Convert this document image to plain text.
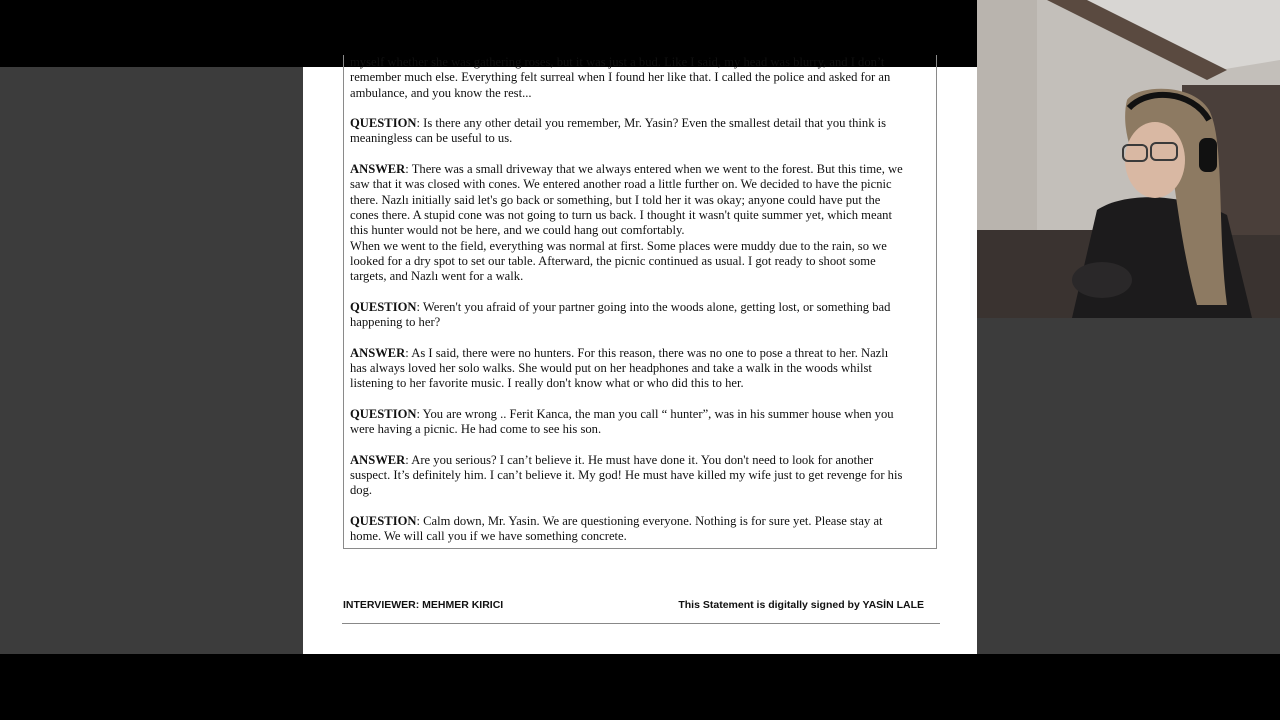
myself whether she was gathering roses, but it was just a bud. Like I said, my head was blurry, and I don’t
remember much else. Everything felt surreal when I found her like that. I called the police and asked for an
ambulance, and you know the rest...
QUESTION: Is there any other detail you remember, Mr. Yasin? Even the smallest detail that you think is
meaningless can be useful to us.
ANSWER: There was a small driveway that we always entered when we went to the forest. But this time, we
saw that it was closed with cones. We entered another road a little further on. We decided to have the picnic
there. Nazlı initially said let's go back or something, but I told her it was okay; anyone could have put the
cones there. A stupid cone was not going to turn us back. I thought it wasn't quite summer yet, which meant
this hunter would not be here, and we could hang out comfortably.
When we went to the field, everything was normal at first. Some places were muddy due to the rain, so we
looked for a dry spot to set our table. Afterward, the picnic continued as usual. I got ready to shoot some
targets, and Nazlı went for a walk.
QUESTION: Weren't you afraid of your partner going into the woods alone, getting lost, or something bad
happening to her?
ANSWER: As I said, there were no hunters. For this reason, there was no one to pose a threat to her. Nazlı
has always loved her solo walks. She would put on her headphones and take a walk in the woods whilst
listening to her favorite music. I really don't know what or who did this to her.
QUESTION: You are wrong .. Ferit Kanca, the man you call “ hunter”, was in his summer house when you
were having a picnic. He had come to see his son.
ANSWER: Are you serious? I can’t believe it. He must have done it. You don't need to look for another
suspect. It’s definitely him. I can’t believe it. My god! He must have killed my wife just to get revenge for his
dog.
QUESTION: Calm down, Mr. Yasin. We are questioning everyone. Nothing is for sure yet. Please stay at
home. We will call you if we have something concrete.
INTERVIEWER: MEHMER KIRICI	This Statement is digitally signed by YASİN LALE
